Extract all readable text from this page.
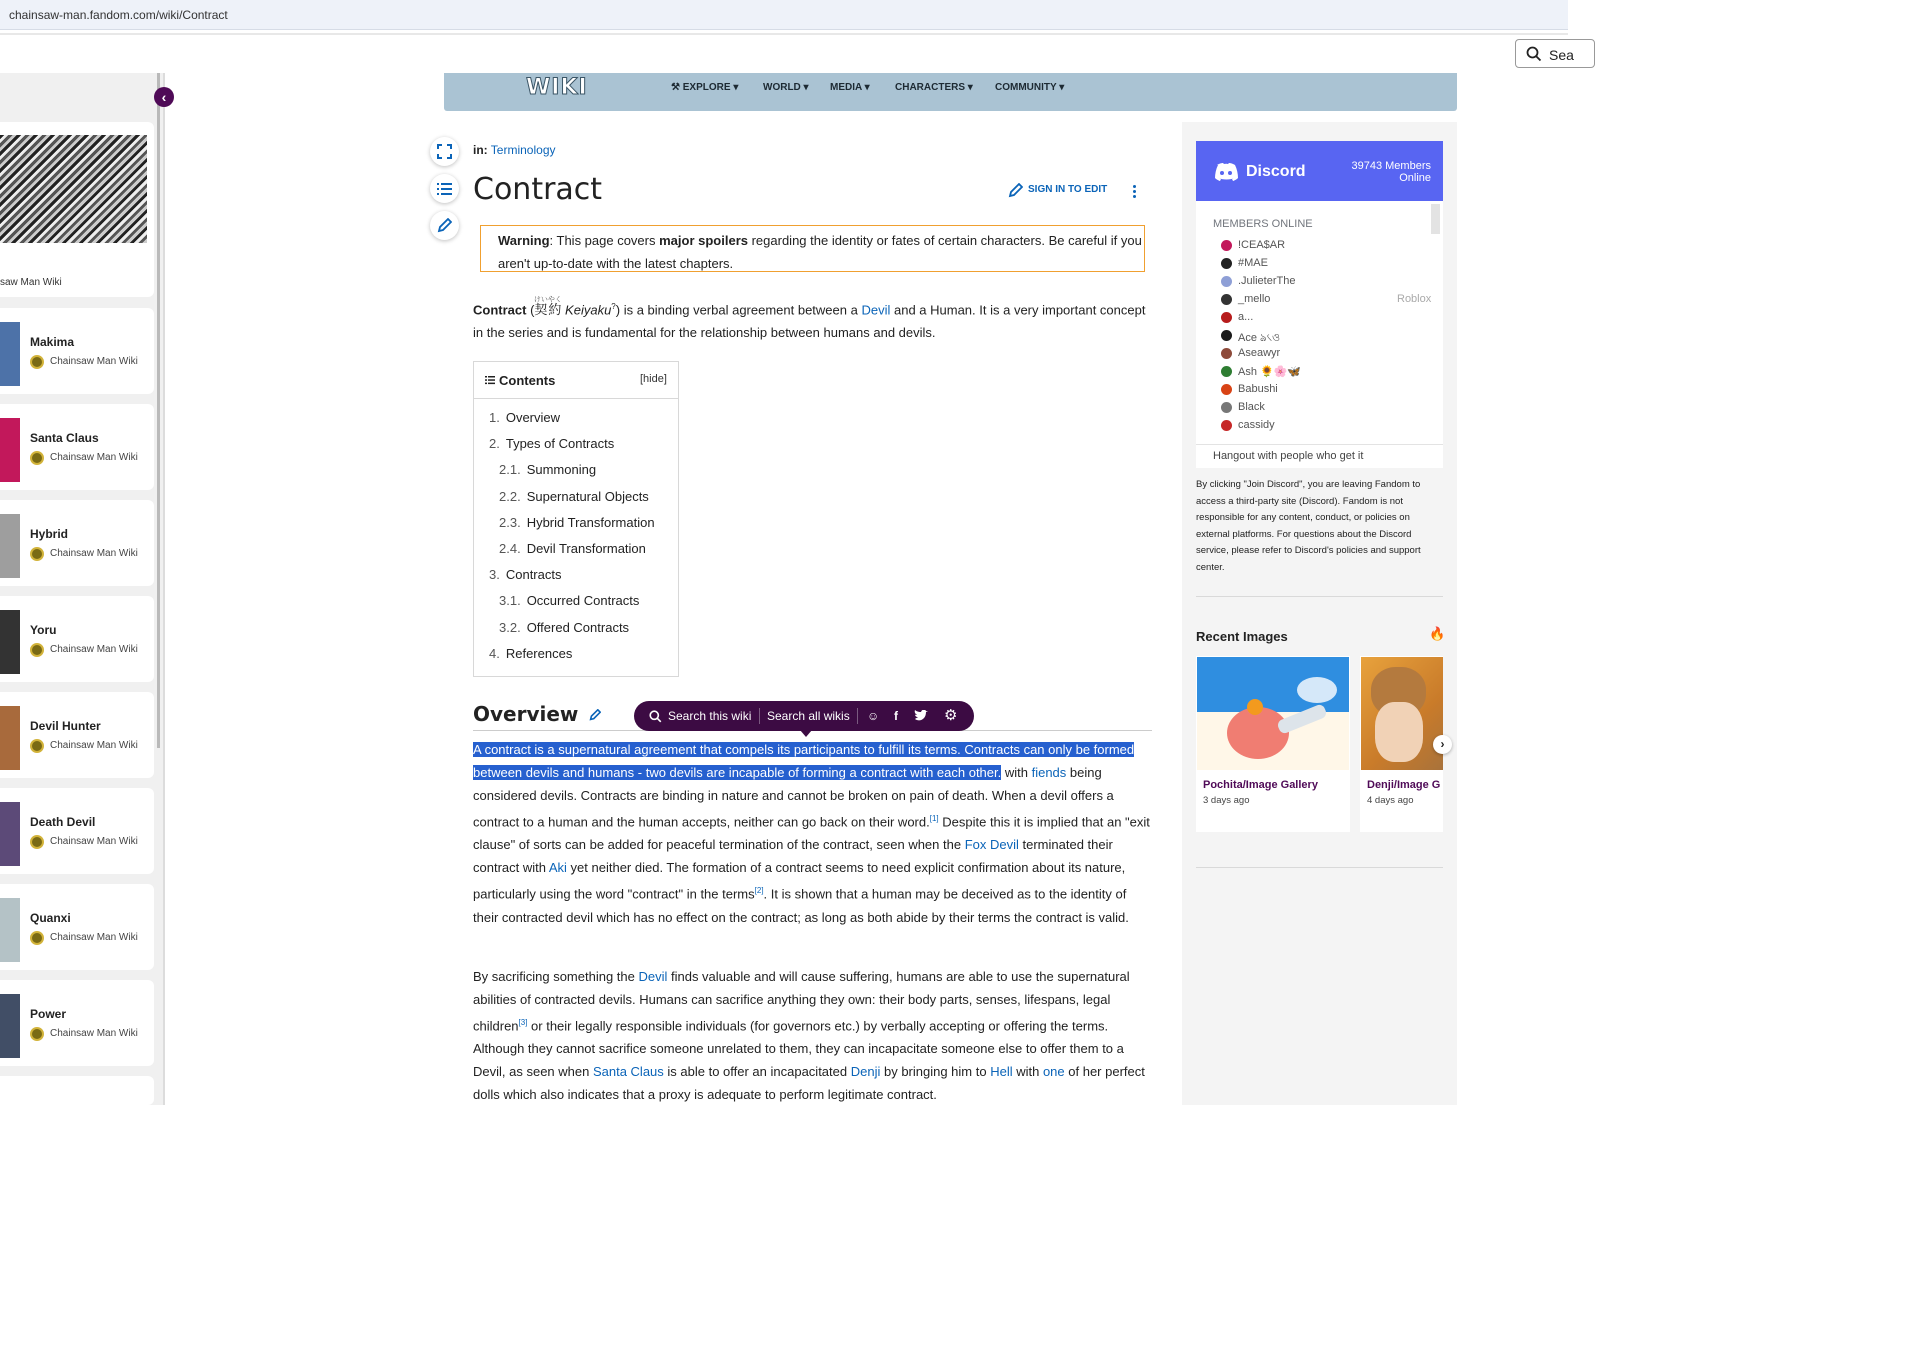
chainsaw-man.fandom.com/wiki/Contract
Sea
saw Man Wiki
Makima
Chainsaw Man Wiki
Santa Claus
Chainsaw Man Wiki
Hybrid
Chainsaw Man Wiki
Yoru
Chainsaw Man Wiki
Devil Hunter
Chainsaw Man Wiki
Death Devil
Chainsaw Man Wiki
Quanxi
Chainsaw Man Wiki
Power
Chainsaw Man Wiki
‹	WIKI	⚒ EXPLORE ▾ WORLD ▾ MEDIA ▾	CHARACTERS ▾ COMMUNITY ▾
in: Terminology
Contract	SIGN IN TO EDIT
Warning: This page covers major spoilers regarding the identity or fates of certain characters. Be careful if you aren't up-to-date with the latest chapters.
Contract (契約けいやく Keiyaku?) is a binding verbal agreement between a Devil and a Human. It is a very important concept in the series and is fundamental for the relationship between humans and devils.
Contents	[hide]
1. Overview
2. Types of Contracts
2.1. Summoning
2.2. Supernatural Objects
2.3. Hybrid Transformation
2.4. Devil Transformation
3. Contracts
3.1. Occurred Contracts
3.2. Offered Contracts
4. References
Overview
A contract is a supernatural agreement that compels its participants to fulfill its terms. Contracts can only be formed between devils and humans - two devils are incapable of forming a contract with each other. with fiends being considered devils. Contracts are binding in nature and cannot be broken on pain of death. When a devil offers a contract to a human and the human accepts, neither can go back on their word.[1] Despite this it is implied that an "exit clause" of sorts can be added for peaceful termination of the contract, seen when the Fox Devil terminated their contract with Aki yet neither died. The formation of a contract seems to need explicit confirmation about its nature, particularly using the word "contract" in the terms[2]. It is shown that a human may be deceived as to the identity of their contracted devil which has no effect on the contract; as long as both abide by their terms the contract is valid.
By sacrificing something the Devil finds valuable and will cause suffering, humans are able to use the supernatural abilities of contracted devils. Humans can sacrifice anything they own: their body parts, senses, lifespans, legal children[3] or their legally responsible individuals (for governors etc.) by verbally accepting or offering the terms. Although they cannot sacrifice someone unrelated to them, they can incapacitate someone else to offer them to a Devil, as seen when Santa Claus is able to offer an incapacitated Denji by bringing him to Hell with one of her perfect dolls which also indicates that a proxy is adequate to perform legitimate contract.
Search this wiki Search all wikis ☺ f	⚙
Discord	39743 Members
Online
MEMBERS ONLINE
!CEA$AR
#MAE
.JulieterThe
_mello	Roblox
a...
Ace ঌ৻ও
Aseawyr
Ash 🌻🌸🦋
Babushi
Black
cassidy
Hangout with people who get it
By clicking "Join Discord", you are leaving Fandom to access a third-party site (Discord). Fandom is not responsible for any content, conduct, or policies on external platforms. For questions about the Discord service, please refer to Discord's policies and support center.
Recent Images	🔥
Pochita/Image Gallery
3 days ago
Denji/Image G
4 days ago
›
